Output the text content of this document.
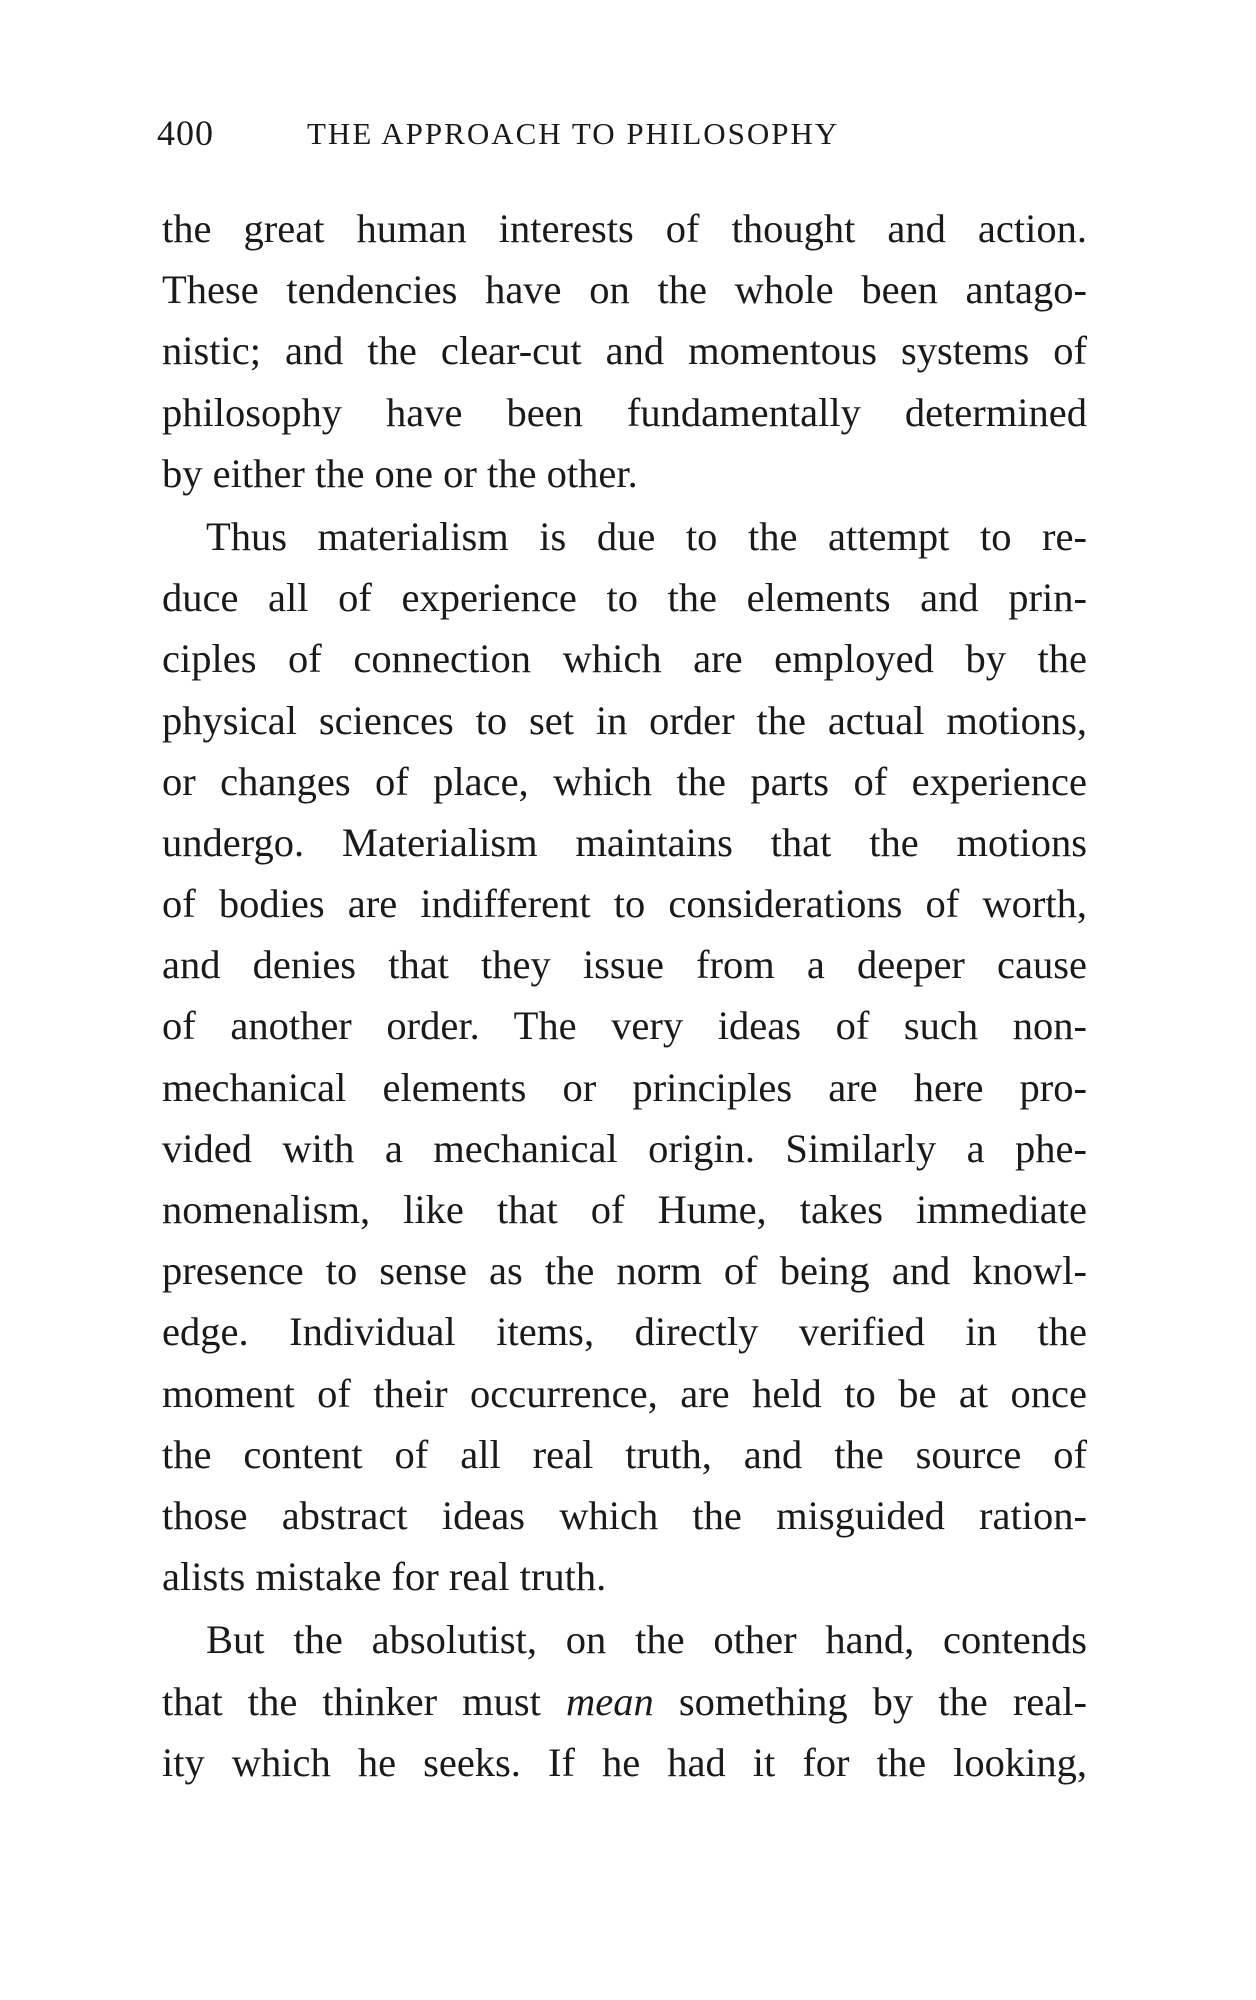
400	THE APPROACH TO PHILOSOPHY
the great human interests of thought and action.
These tendencies have on the whole been antago-
nistic; and the clear-cut and momentous systems of
philosophy have been fundamentally determined
by either the one or the other.
Thus materialism is due to the attempt to re-
duce all of experience to the elements and prin-
ciples of connection which are employed by the
physical sciences to set in order the actual motions,
or changes of place, which the parts of experience
undergo. Materialism maintains that the motions
of bodies are indifferent to considerations of worth,
and denies that they issue from a deeper cause
of another order. The very ideas of such non-
mechanical elements or principles are here pro-
vided with a mechanical origin. Similarly a phe-
nomenalism, like that of Hume, takes immediate
presence to sense as the norm of being and knowl-
edge. Individual items, directly verified in the
moment of their occurrence, are held to be at once
the content of all real truth, and the source of
those abstract ideas which the misguided ration-
alists mistake for real truth.
But the absolutist, on the other hand, contends
that the thinker must mean something by the real-
ity which he seeks. If he had it for the looking,
